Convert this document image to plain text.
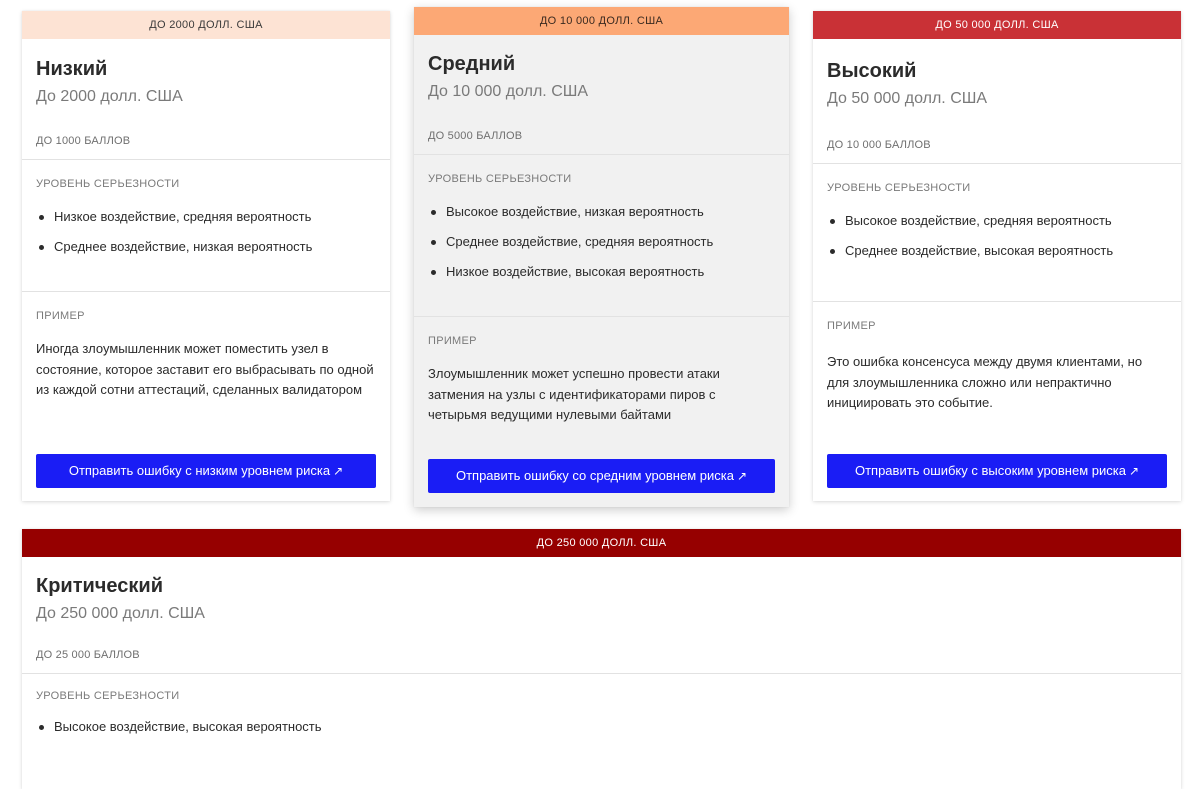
ДО 2000 ДОЛЛ. США
Низкий
До 2000 долл. США
ДО 1000 БАЛЛОВ
УРОВЕНЬ СЕРЬЕЗНОСТИ
Низкое воздействие, средняя вероятность
Среднее воздействие, низкая вероятность
ПРИМЕР
Иногда злоумышленник может поместить узел в состояние, которое заставит его выбрасывать по одной из каждой сотни аттестаций, сделанных валидатором
Отправить ошибку с низким уровнем риска ↗
ДО 10 000 ДОЛЛ. США
Средний
До 10 000 долл. США
ДО 5000 БАЛЛОВ
УРОВЕНЬ СЕРЬЕЗНОСТИ
Высокое воздействие, низкая вероятность
Среднее воздействие, средняя вероятность
Низкое воздействие, высокая вероятность
ПРИМЕР
Злоумышленник может успешно провести атаки затмения на узлы с идентификаторами пиров с четырьмя ведущими нулевыми байтами
Отправить ошибку со средним уровнем риска ↗
ДО 50 000 ДОЛЛ. США
Высокий
До 50 000 долл. США
ДО 10 000 БАЛЛОВ
УРОВЕНЬ СЕРЬЕЗНОСТИ
Высокое воздействие, средняя вероятность
Среднее воздействие, высокая вероятность
ПРИМЕР
Это ошибка консенсуса между двумя клиентами, но для злоумышленника сложно или непрактично инициировать это событие.
Отправить ошибку с высоким уровнем риска ↗
ДО 250 000 ДОЛЛ. США
Критический
До 250 000 долл. США
ДО 25 000 БАЛЛОВ
УРОВЕНЬ СЕРЬЕЗНОСТИ
Высокое воздействие, высокая вероятность
